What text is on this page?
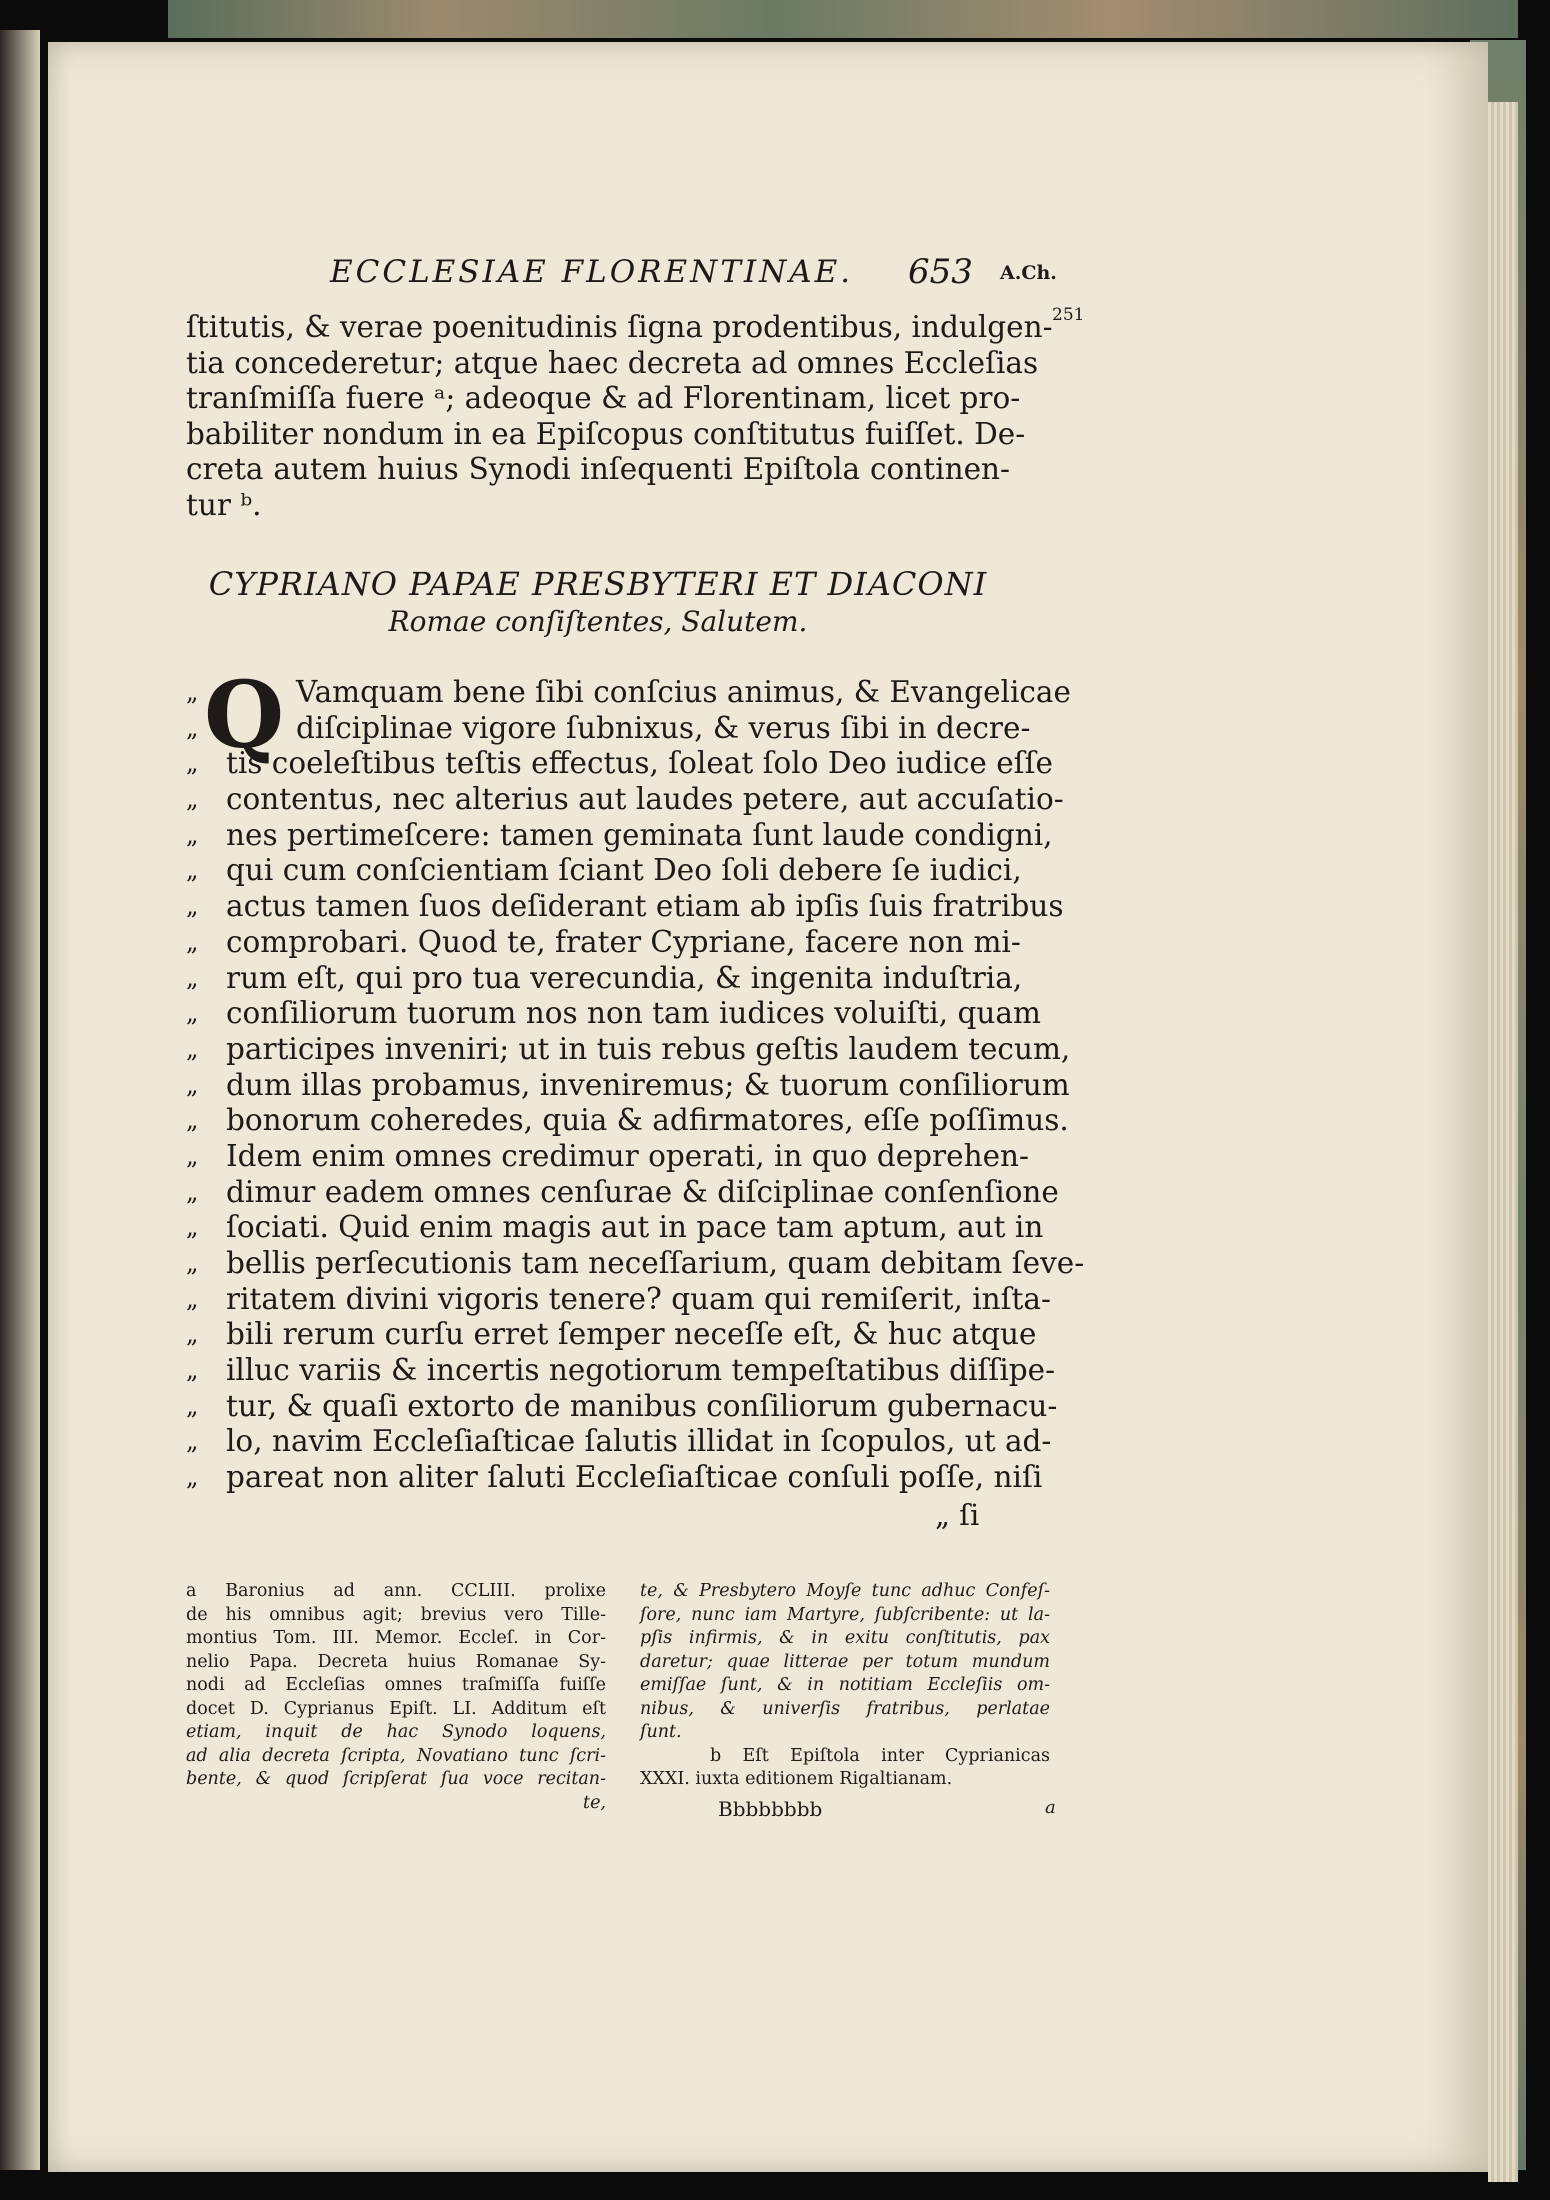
ECCLESIAE FLORENTINAE. 653 A.Ch.
251
ſtitutis, & verae poenitudinis ſigna prodentibus, indulgen-
tia concederetur; atque haec decreta ad omnes Eccleſias
tranſmiſſa fuere ᵃ; adeoque & ad Florentinam, licet pro-
babiliter nondum in ea Epiſcopus conſtitutus fuiſſet. De-
creta autem huius Synodi inſequenti Epiſtola continen-
tur ᵇ.
CYPRIANO PAPAE PRESBYTERI ET DIACONI
Romae conſiſtentes, Salutem.
Q
„	Vamquam bene ſibi conſcius animus, & Evangelicae
„	diſciplinae vigore ſubnixus, & verus ſibi in decre-
„ tis coeleſtibus teſtis effectus, ſoleat ſolo Deo iudice eſſe
„ contentus, nec alterius aut laudes petere, aut accuſatio-
„ nes pertimeſcere: tamen geminata ſunt laude condigni,
„ qui cum conſcientiam ſciant Deo ſoli debere ſe iudici,
„ actus tamen ſuos deſiderant etiam ab ipſis ſuis fratribus
„ comprobari. Quod te, frater Cypriane, facere non mi-
„ rum eſt, qui pro tua verecundia, & ingenita induſtria,
„ conſiliorum tuorum nos non tam iudices voluiſti, quam
„ participes inveniri; ut in tuis rebus geſtis laudem tecum,
„ dum illas probamus, inveniremus; & tuorum conſiliorum
„ bonorum coheredes, quia & adfirmatores, eſſe poſſimus.
„ Idem enim omnes credimur operati, in quo deprehen-
„ dimur eadem omnes cenſurae & diſciplinae conſenſione
„ ſociati. Quid enim magis aut in pace tam aptum, aut in
„ bellis perſecutionis tam neceſſarium, quam debitam ſeve-
„ ritatem divini vigoris tenere? quam qui remiſerit, inſta-
„ bili rerum curſu erret ſemper neceſſe eſt, & huc atque
„ illuc variis & incertis negotiorum tempeſtatibus diſſipe-
„ tur, & quaſi extorto de manibus conſiliorum gubernacu-
„ lo, navim Eccleſiaſticae ſalutis illidat in ſcopulos, ut ad-
„ pareat non aliter ſaluti Eccleſiaſticae conſuli poſſe, niſi
„ ſi
a Baronius ad ann. CCLIII. prolixe
de his omnibus agit; brevius vero Tille-
montius Tom. III. Memor. Eccleſ. in Cor-
nelio Papa. Decreta huius Romanae Sy-
nodi ad Eccleſias omnes traſmiſſa fuiſſe
docet D. Cyprianus Epiſt. LI. Additum eſt
etiam, inquit de hac Synodo loquens,
ad alia decreta ſcripta, Novatiano tunc ſcri-
bente, & quod ſcripſerat ſua voce recitan-
te,
te, & Presbytero Moyſe tunc adhuc Confeſ-
ſore, nunc iam Martyre, ſubſcribente: ut la-
pſis infirmis, & in exitu conſtitutis, pax
daretur; quae litterae per totum mundum
emiſſae ſunt, & in notitiam Eccleſiis om-
nibus, & univerſis fratribus, perlatae
ſunt.
b Eſt Epiſtola inter Cyprianicas
XXXI. iuxta editionem Rigaltianam.
Bbbbbbbb	a
